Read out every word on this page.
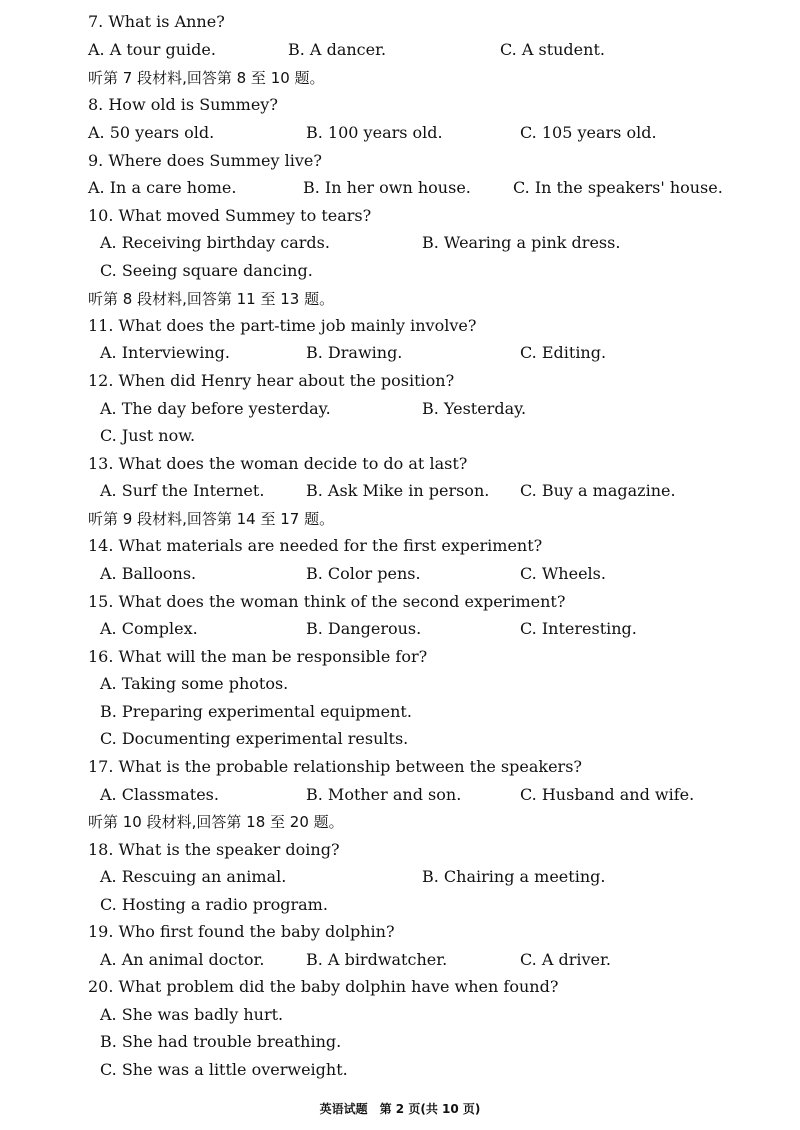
7. What is Anne?
A. A tour guide.	B. A dancer.	C. A student.
听第 7 段材料,回答第 8 至 10 题。
8. How old is Summey?
A. 50 years old.	B. 100 years old.	C. 105 years old.
9. Where does Summey live?
A. In a care home.	B. In her own house.	C. In the speakers' house.
10. What moved Summey to tears?
A. Receiving birthday cards.	B. Wearing a pink dress.
C. Seeing square dancing.
听第 8 段材料,回答第 11 至 13 题。
11. What does the part-time job mainly involve?
A. Interviewing.	B. Drawing.	C. Editing.
12. When did Henry hear about the position?
A. The day before yesterday.	B. Yesterday.
C. Just now.
13. What does the woman decide to do at last?
A. Surf the Internet.	B. Ask Mike in person. C. Buy a magazine.
听第 9 段材料,回答第 14 至 17 题。
14. What materials are needed for the first experiment?
A. Balloons.	B. Color pens.	C. Wheels.
15. What does the woman think of the second experiment?
A. Complex.	B. Dangerous.	C. Interesting.
16. What will the man be responsible for?
A. Taking some photos.
B. Preparing experimental equipment.
C. Documenting experimental results.
17. What is the probable relationship between the speakers?
A. Classmates.	B. Mother and son.	C. Husband and wife.
听第 10 段材料,回答第 18 至 20 题。
18. What is the speaker doing?
A. Rescuing an animal.	B. Chairing a meeting.
C. Hosting a radio program.
19. Who first found the baby dolphin?
A. An animal doctor.	B. A birdwatcher.	C. A driver.
20. What problem did the baby dolphin have when found?
A. She was badly hurt.
B. She had trouble breathing.
C. She was a little overweight.
英语试题　第 2 页(共 10 页)
